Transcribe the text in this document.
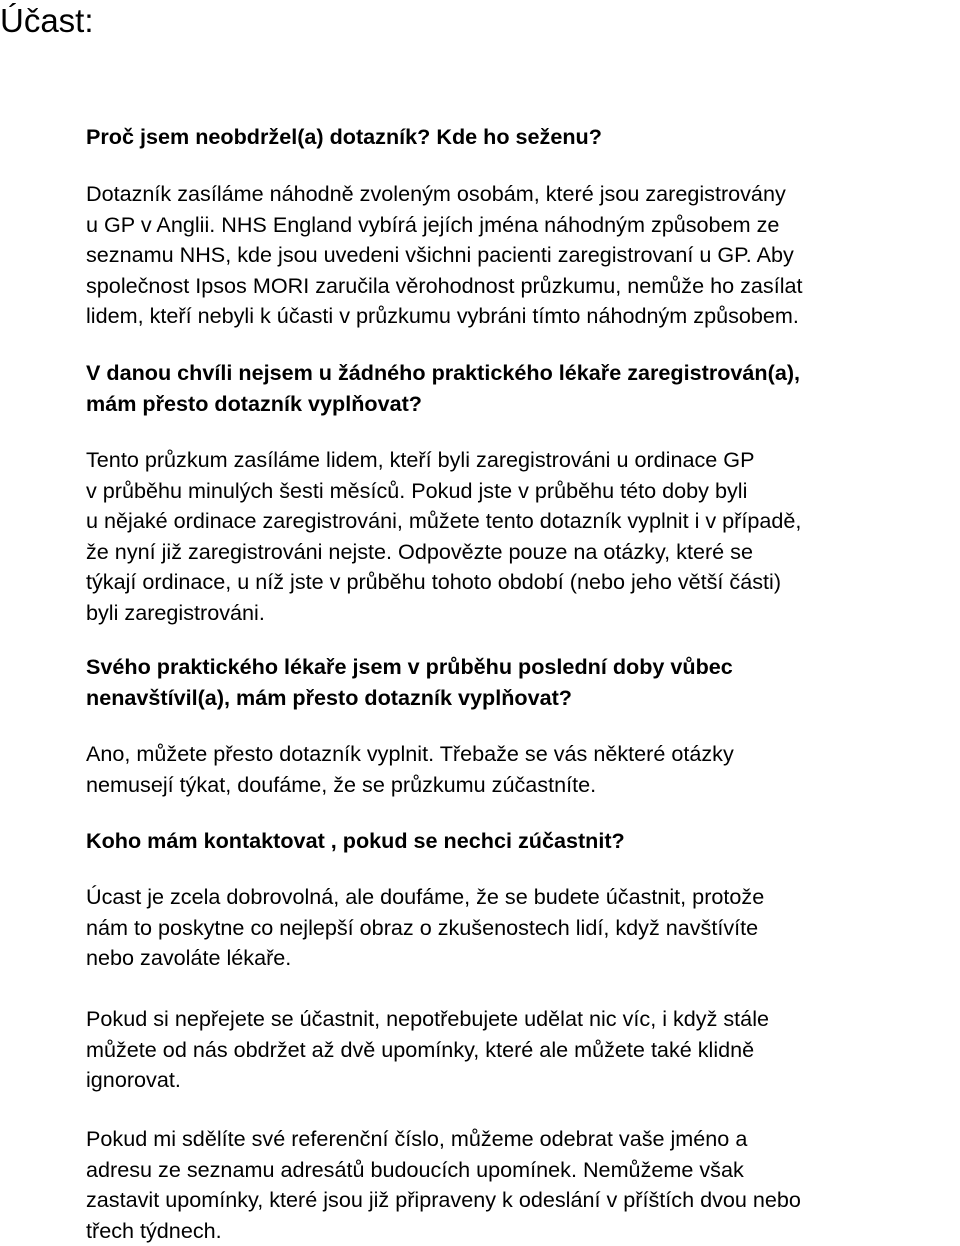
Účast:

Proč jsem neobdržel(a) dotazník? Kde ho seženu?

Dotazník zasíláme náhodně zvoleným osobám, které jsou zaregistrovány
u GP v Anglii. NHS England vybírá jejích jména náhodným způsobem ze
seznamu NHS, kde jsou uvedeni všichni pacienti zaregistrovaní u GP. Aby
společnost Ipsos MORI zaručila věrohodnost průzkumu, nemůže ho zasílat
lidem, kteří nebyli k účasti v průzkumu vybráni tímto náhodným způsobem.

V danou chvíli nejsem u žádného praktického lékaře zaregistrován(a),
mám přesto dotazník vyplňovat?

Tento průzkum zasíláme lidem, kteří byli zaregistrováni u ordinace GP
v průběhu minulých šesti měsíců. Pokud jste v průběhu této doby byli
u nějaké ordinace zaregistrováni, můžete tento dotazník vyplnit i v případě,
že nyní již zaregistrováni nejste. Odpovězte pouze na otázky, které se
týkají ordinace, u níž jste v průběhu tohoto období (nebo jeho větší části)
byli zaregistrováni.

Svého praktického lékaře jsem v průběhu poslední doby vůbec
nenavštívil(a), mám přesto dotazník vyplňovat?

Ano, můžete přesto dotazník vyplnit. Třebaže se vás některé otázky
nemusejí týkat, doufáme, že se průzkumu zúčastníte.

Koho mám kontaktovat , pokud se nechci zúčastnit?

Úcast je zcela dobrovolná, ale doufáme, že se budete účastnit, protože
nám to poskytne co nejlepší obraz o zkušenostech lidí, když navštívíte
nebo zavoláte lékaře.

Pokud si nepřejete se účastnit, nepotřebujete udělat nic víc, i když stále
můžete od nás obdržet až dvě upomínky, které ale můžete také klidně
ignorovat.

Pokud mi sdělíte své referenční číslo, můžeme odebrat vaše jméno a
adresu ze seznamu adresátů budoucích upomínek. Nemůžeme však
zastavit upomínky, které jsou již připraveny k odeslání v příštích dvou nebo
třech týdnech.
